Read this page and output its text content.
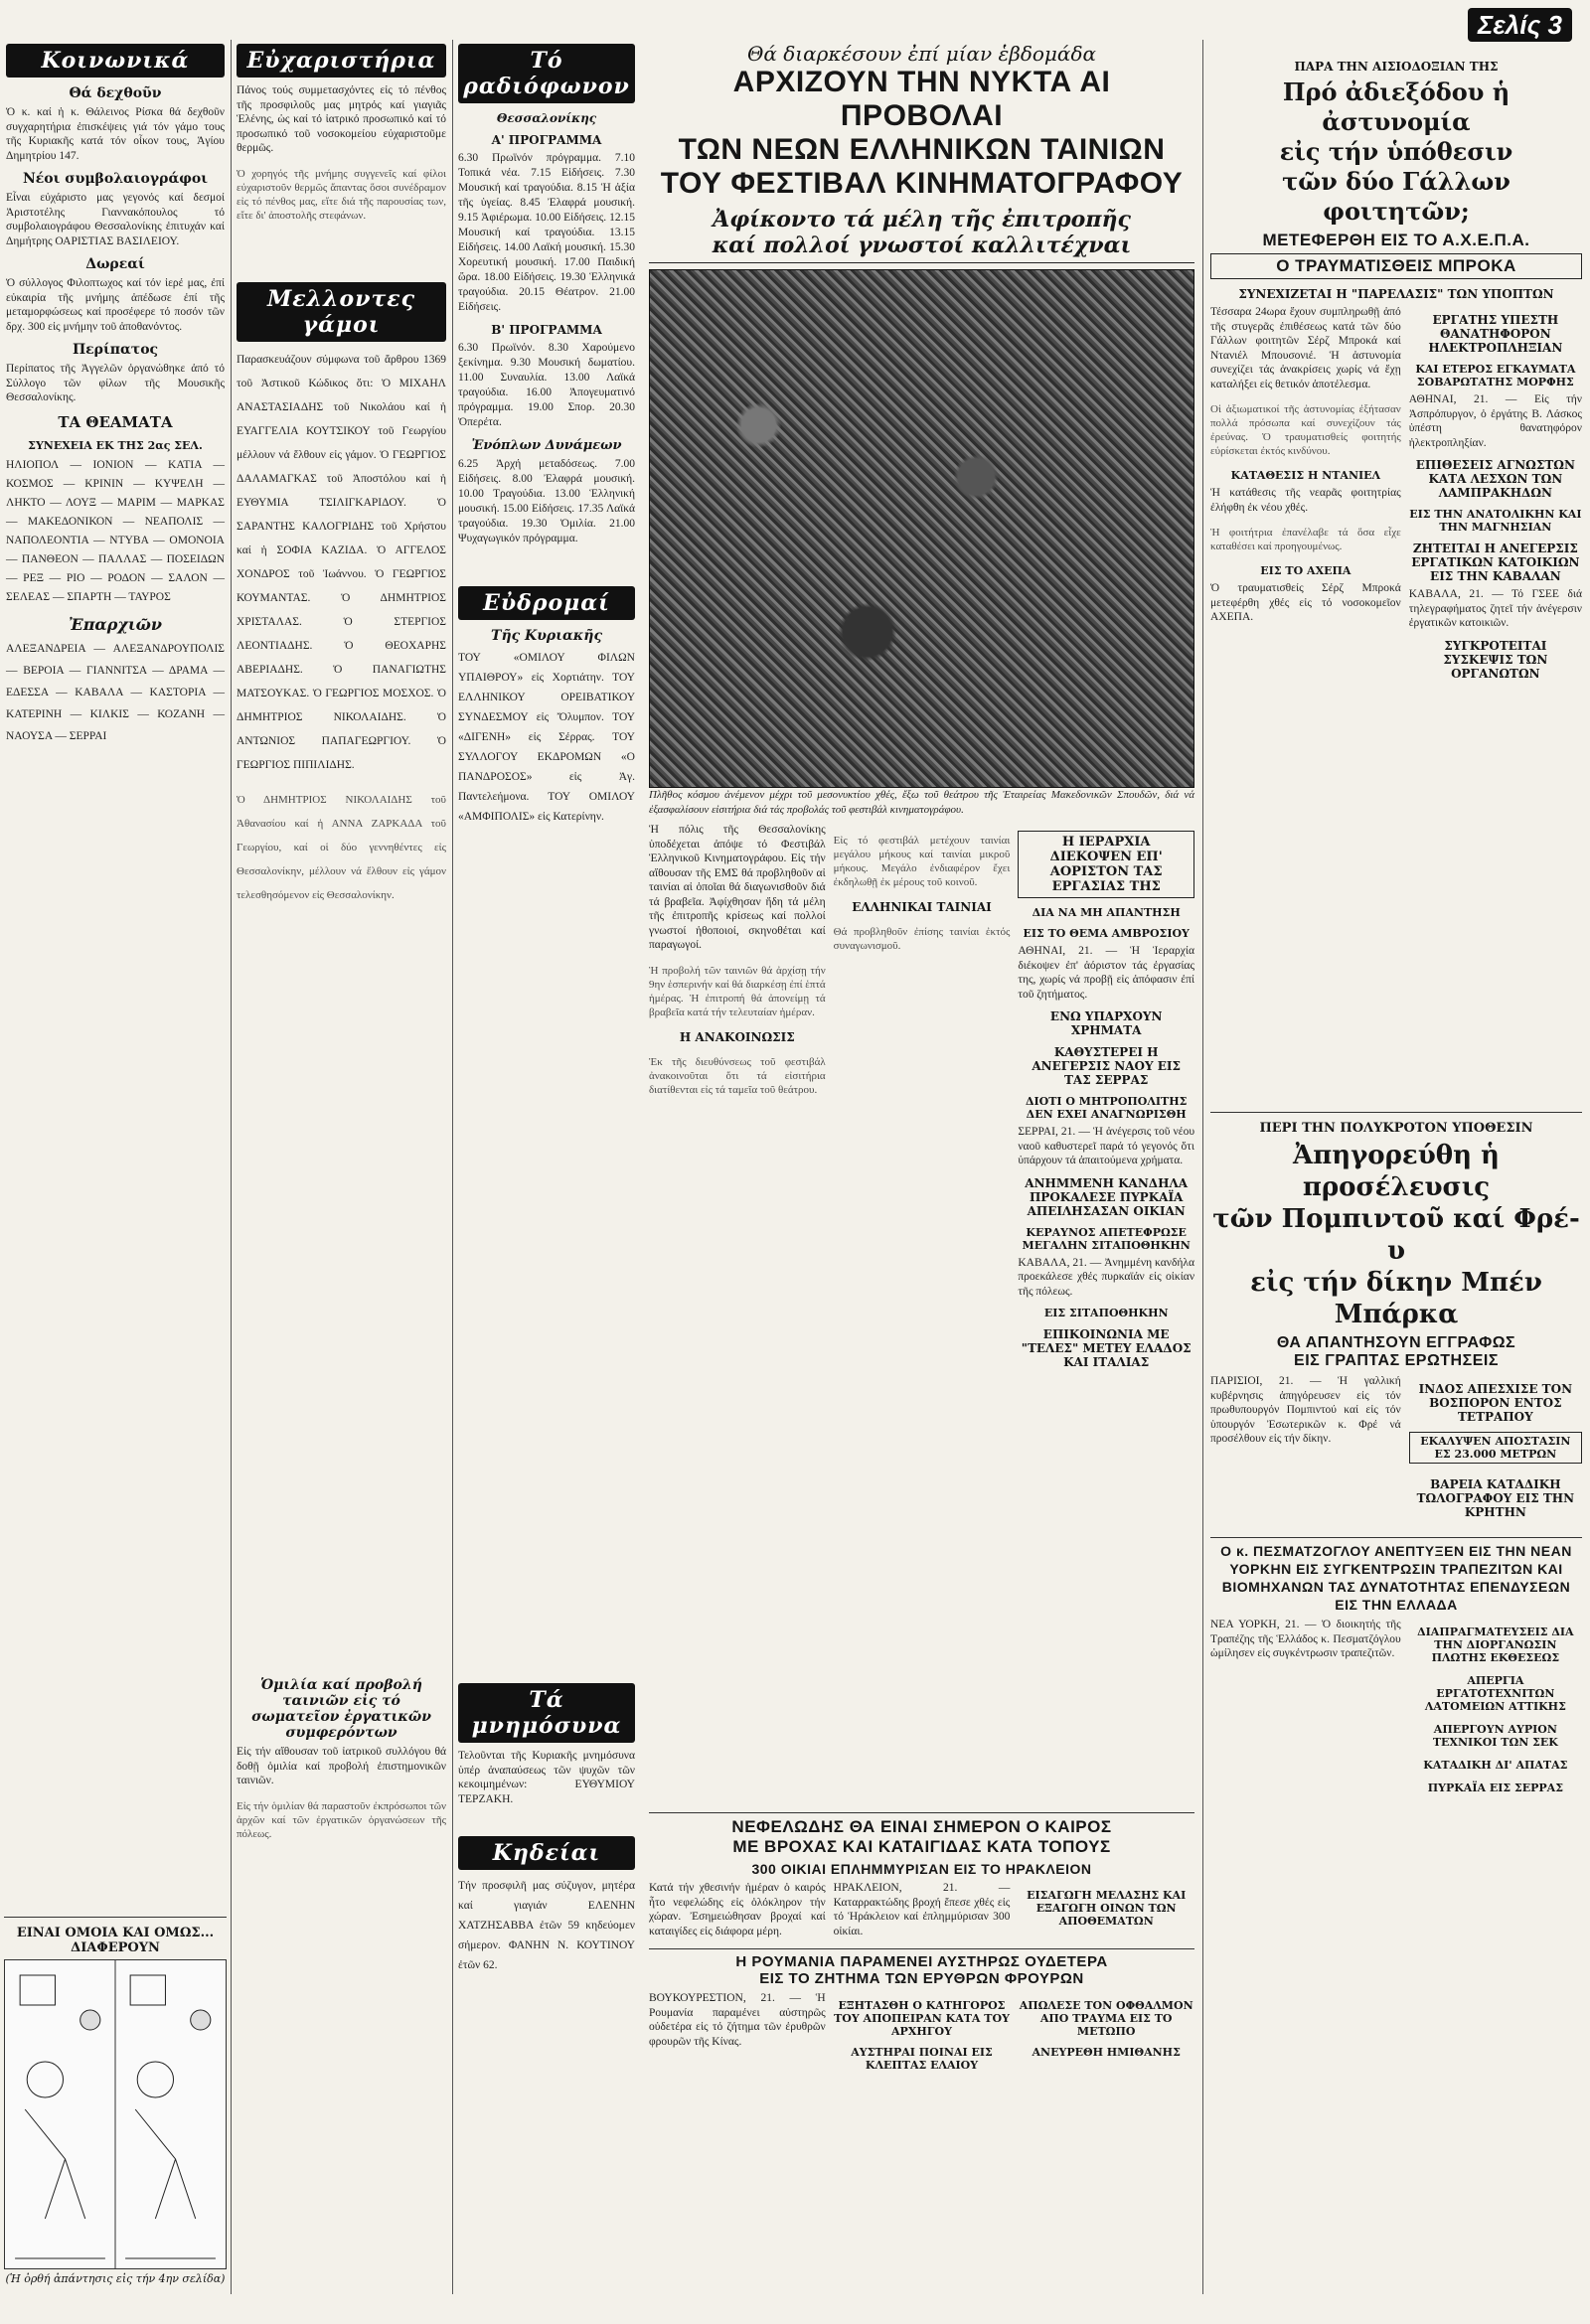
Σελίς 3
Κοινωνικά
Θά δεχθοῦν

Ὁ κ. καί ἡ κ. Θάλεινος Ρίσκα θά δεχθοῦν συγχαρητήρια ἐπισκέψεις γιά τόν γάμο τους τῆς Κυριακῆς κατά τόν οἶκον τους, Ἁγίου Δημητρίου 147.

Νέοι συμβολαιογράφοι

Εἶναι εὐχάριστο μας γεγονός καί δεσμοί Ἀριστοτέλης Γιαννακόπουλος τό συμβολαιογράφου Θεσσαλονίκης ἐπιτυχάν καί Δημήτρης ΟΑΡΙΣΤΙΑΣ ΒΑΣΙΛΕΙΟΥ.

Δωρεαί

Ὁ σύλλογος Φιλοπτωχος καί τόν ἱερέ μας, ἐπί εὐκαιρία τῆς μνήμης ἀπέδωσε ἐπί τῆς μεταμορφώσεως καί προσέφερε τό ποσόν τῶν δρχ. 300 εἰς μνήμην τοῦ ἀποθανόντος.

Περίπατος

Περίπατος τῆς Ἀγγελῶν ὀργανώθηκε ἀπό τό Σύλλογο τῶν φίλων τῆς Μουσικῆς Θεσσαλονίκης.

ΤΑ ΘΕΑΜΑΤΑ
ΣΥΝΕΧΕΙΑ ΕΚ ΤΗΣ 2ας ΣΕΛ.

ΗΛΙΟΠΟΛ — ΙΟΝΙΟΝ — ΚΑΤΙΑ — ΚΟΣΜΟΣ — ΚΡΙΝΙΝ — ΚΥΨΕΛΗ — ΛΗΚΤΟ — ΛΟΥΞ — ΜΑΡΙΜ — ΜΑΡΚΑΣ — ΜΑΚΕΔΟΝΙΚΟΝ — ΝΕΑΠΟΛΙΣ — ΝΑΠΟΛΕΟΝΤΙΑ — ΝΤΥΒΑ — ΟΜΟΝΟΙΑ — ΠΑΝΘΕΟΝ — ΠΑΛΛΑΣ — ΠΟΣΕΙΔΩΝ — ΡΕΞ — ΡΙΟ — ΡΟΔΟΝ — ΣΑΛΟΝ — ΣΕΛΕΑΣ — ΣΠΑΡΤΗ — ΤΑΥΡΟΣ

Ἐπαρχιῶν

ΑΛΕΞΑΝΔΡΕΙΑ — ΑΛΕΞΑΝΔΡΟΥΠΟΛΙΣ — ΒΕΡΟΙΑ — ΓΙΑΝΝΙΤΣΑ — ΔΡΑΜΑ — ΕΔΕΣΣΑ — ΚΑΒΑΛΑ — ΚΑΣΤΟΡΙΑ — ΚΑΤΕΡΙΝΗ — ΚΙΛΚΙΣ — ΚΟΖΑΝΗ — ΝΑΟΥΣΑ — ΣΕΡΡΑΙ

ΕΙΝΑΙ ΟΜΟΙΑ ΚΑΙ ΟΜΩΣ... ΔΙΑΦΕΡΟΥΝ
(Ἡ ὀρθή ἀπάντησις εἰς τήν 4ην σελίδα)
Εὐχαριστήρια

Πάνος τούς συμμετασχόντες εἰς τό πένθος τῆς προσφιλοῦς μας μητρός καί γιαγιᾶς Ἑλένης, ὡς καί τό ἱατρικό προσωπικό καί τό προσωπικό τοῦ νοσοκομείου εὐχαριστοῦμε θερμῶς.

Ὁ χορηγός τῆς μνήμης συγγενεῖς καί φίλοι εὐχαριστοῦν θερμῶς ἅπαντας ὅσοι συνέδραμον εἰς τό πένθος μας, εἴτε διά τῆς παρουσίας των, εἴτε δι' ἀποστολῆς στεφάνων.

Μελλοντες γάμοι

Παρασκευάζουν σύμφωνα τοῦ ἄρθρου 1369 τοῦ Ἀστικοῦ Κώδικος ὅτι: Ὁ ΜΙΧΑΗΛ ΑΝΑΣΤΑΣΙΑΔΗΣ τοῦ Νικολάου καί ἡ ΕΥΑΓΓΕΛΙΑ ΚΟΥΤΣΙΚΟΥ τοῦ Γεωργίου μέλλουν νά ἔλθουν εἰς γάμον. Ὁ ΓΕΩΡΓΙΟΣ ΔΑΛΑΜΑΓΚΑΣ τοῦ Ἀποστόλου καί ἡ ΕΥΘΥΜΙΑ ΤΣΙΛΙΓΚΑΡΙΔΟΥ. Ὁ ΣΑΡΑΝΤΗΣ ΚΑΛΟΓΡΙΔΗΣ τοῦ Χρήστου καί ἡ ΣΟΦΙΑ ΚΑΖΙΔΑ. Ὁ ΑΓΓΕΛΟΣ ΧΟΝΔΡΟΣ τοῦ Ἰωάννου. Ὁ ΓΕΩΡΓΙΟΣ ΚΟΥΜΑΝΤΑΣ. Ὁ ΔΗΜΗΤΡΙΟΣ ΧΡΙΣΤΑΛΑΣ. Ὁ ΣΤΕΡΓΙΟΣ ΛΕΟΝΤΙΑΔΗΣ. Ὁ ΘΕΟΧΑΡΗΣ ΑΒΕΡΙΑΔΗΣ. Ὁ ΠΑΝΑΓΙΩΤΗΣ ΜΑΤΣΟΥΚΑΣ. Ὁ ΓΕΩΡΓΙΟΣ ΜΟΣΧΟΣ. Ὁ ΔΗΜΗΤΡΙΟΣ ΝΙΚΟΛΑΙΔΗΣ. Ὁ ΑΝΤΩΝΙΟΣ ΠΑΠΑΓΕΩΡΓΙΟΥ. Ὁ ΓΕΩΡΓΙΟΣ ΠΙΠΙΛΙΔΗΣ.

Ὁ ΔΗΜΗΤΡΙΟΣ ΝΙΚΟΛΑΙΔΗΣ τοῦ Ἀθανασίου καί ἡ ΑΝΝΑ ΖΑΡΚΑΔΑ τοῦ Γεωργίου, καί οἱ δύο γεννηθέντες εἰς Θεσσαλονίκην, μέλλουν νά ἔλθουν εἰς γάμον τελεσθησόμενον εἰς Θεσσαλονίκην.

Ὁμιλία καί προβολή ταινιῶν εἰς τό σωματεῖον ἐργατικῶν συμφερόντων

Εἰς τήν αἴθουσαν τοῦ ἰατρικοῦ συλλόγου θά δοθῇ ὁμιλία καί προβολή ἐπιστημονικῶν ταινιῶν.

Εἰς τήν ὁμιλίαν θά παραστοῦν ἐκπρόσωποι τῶν ἀρχῶν καί τῶν ἐργατικῶν ὀργανώσεων τῆς πόλεως.

Τό ραδιόφωνον
Θεσσαλονίκης
Α' ΠΡΟΓΡΑΜΜΑ

6.30 Πρωϊνόν πρόγραμμα. 7.10 Τοπικά νέα. 7.15 Εἰδήσεις. 7.30 Μουσική καί τραγούδια. 8.15 Ἡ ἀξία τῆς ὑγείας. 8.45 Ἐλαφρά μουσική. 9.15 Ἀφιέρωμα. 10.00 Εἰδήσεις. 12.15 Μουσική καί τραγούδια. 13.15 Εἰδήσεις. 14.00 Λαϊκή μουσική. 15.30 Χορευτική μουσική. 17.00 Παιδική ὥρα. 18.00 Εἰδήσεις. 19.30 Ἑλληνικά τραγούδια. 20.15 Θέατρον. 21.00 Εἰδήσεις.

Β' ΠΡΟΓΡΑΜΜΑ

6.30 Πρωϊνόν. 8.30 Χαρούμενο ξεκίνημα. 9.30 Μουσική δωματίου. 11.00 Συναυλία. 13.00 Λαϊκά τραγούδια. 16.00 Ἀπογευματινό πρόγραμμα. 19.00 Σπορ. 20.30 Ὀπερέτα.

Ἐνόπλων Δυνάμεων

6.25 Ἀρχή μεταδόσεως. 7.00 Εἰδήσεις. 8.00 Ἐλαφρά μουσική. 10.00 Τραγούδια. 13.00 Ἑλληνική μουσική. 15.00 Εἰδήσεις. 17.35 Λαϊκά τραγούδια. 19.30 Ὁμιλία. 21.00 Ψυχαγωγικόν πρόγραμμα.

Εὐδρομαί
Τῆς Κυριακῆς

ΤΟΥ «ΟΜΙΛΟΥ ΦΙΛΩΝ ΥΠΑΙΘΡΟΥ» εἰς Χορτιάτην. ΤΟΥ ΕΛΛΗΝΙΚΟΥ ΟΡΕΙΒΑΤΙΚΟΥ ΣΥΝΔΕΣΜΟΥ εἰς Ὄλυμπον. ΤΟΥ «ΔΙΓΕΝΗ» εἰς Σέρρας. ΤΟΥ ΣΥΛΛΟΓΟΥ ΕΚΔΡΟΜΩΝ «Ο ΠΑΝΔΡΟΣΟΣ» εἰς Ἀγ. Παντελεήμονα. ΤΟΥ ΟΜΙΛΟΥ «ΑΜΦΙΠΟΛΙΣ» εἰς Κατερίνην.

Τά μνημόσυνα

Τελοῦνται τῆς Κυριακῆς μνημόσυνα ὑπέρ ἀναπαύσεως τῶν ψυχῶν τῶν κεκοιμημένων: ΕΥΘΥΜΙΟΥ ΤΕΡΖΑΚΗ.

Κηδείαι

Τήν προσφιλῆ μας σύζυγον, μητέρα καί γιαγιάν ΕΛΕΝΗΝ ΧΑΤΖΗΣΑΒΒΑ ἐτῶν 59 κηδεύομεν σήμερον. ΦΑΝΗΝ Ν. ΚΟΥΤΙΝΟΥ ἐτῶν 62.

Θά διαρκέσουν ἐπί μίαν ἑβδομάδα
ΑΡΧΙΖΟΥΝ ΤΗΝ ΝΥΚΤΑ ΑΙ ΠΡΟΒΟΛΑΙ
ΤΩΝ ΝΕΩΝ ΕΛΛΗΝΙΚΩΝ ΤΑΙΝΙΩΝ
ΤΟΥ ΦΕΣΤΙΒΑΛ ΚΙΝΗΜΑΤΟΓΡΑΦΟΥ
Ἀφίκοντο τά μέλη τῆς ἐπιτροπῆς
καί πολλοί γνωστοί καλλιτέχναι

Πλῆθος κόσμου ἀνέμενον μέχρι τοῦ μεσονυκτίου χθές, ἔξω τοῦ θεάτρου τῆς Ἑταιρείας Μακεδονικῶν Σπουδῶν, διά νά ἐξασφαλίσουν εἰσιτήρια διά τάς προβολάς τοῦ φεστιβάλ κινηματογράφου.

Ἡ πόλις τῆς Θεσσαλονίκης ὑποδέχεται ἀπόψε τό Φεστιβάλ Ἑλληνικοῦ Κινηματογράφου. Εἰς τήν αἴθουσαν τῆς ΕΜΣ θά προβληθοῦν αἱ ταινίαι αἱ ὁποῖαι θά διαγωνισθοῦν διά τά βραβεῖα. Ἀφίχθησαν ἤδη τά μέλη τῆς ἐπιτροπῆς κρίσεως καί πολλοί γνωστοί ἠθοποιοί, σκηνοθέται καί παραγωγοί.

Ἡ προβολή τῶν ταινιῶν θά ἀρχίσῃ τήν 9ην ἑσπερινήν καί θά διαρκέσῃ ἐπί ἑπτά ἡμέρας. Ἡ ἐπιτροπή θά ἀπονείμῃ τά βραβεῖα κατά τήν τελευταίαν ἡμέραν.

Η ΑΝΑΚΟΙΝΩΣΙΣ

Ἐκ τῆς διευθύνσεως τοῦ φεστιβάλ ἀνακοινοῦται ὅτι τά εἰσιτήρια διατίθενται εἰς τά ταμεῖα τοῦ θεάτρου.

Εἰς τό φεστιβάλ μετέχουν ταινίαι μεγάλου μήκους καί ταινίαι μικροῦ μήκους. Μεγάλο ἐνδιαφέρον ἔχει ἐκδηλωθῇ ἐκ μέρους τοῦ κοινοῦ.

ΕΛΛΗΝΙΚΑΙ ΤΑΙΝΙΑΙ

Θά προβληθοῦν ἐπίσης ταινίαι ἐκτός συναγωνισμοῦ.

Η ΙΕΡΑΡΧΙΑ ΔΙΕΚΟΨΕΝ ΕΠ' ΑΟΡΙΣΤΟΝ ΤΑΣ ΕΡΓΑΣΙΑΣ ΤΗΣ
ΔΙΑ ΝΑ ΜΗ ΑΠΑΝΤΗΣΗ
ΕΙΣ ΤΟ ΘΕΜΑ ΑΜΒΡΟΣΙΟΥ

ΑΘΗΝΑΙ, 21. — Ἡ Ἱεραρχία διέκοψεν ἐπ' ἀόριστον τάς ἐργασίας της, χωρίς νά προβῇ εἰς ἀπόφασιν ἐπί τοῦ ζητήματος.

ΕΝΩ ΥΠΑΡΧΟΥΝ ΧΡΗΜΑΤΑ
ΚΑΘΥΣΤΕΡΕΙ Η ΑΝΕΓΕΡΣΙΣ ΝΑΟΥ ΕΙΣ ΤΑΣ ΣΕΡΡΑΣ
ΔΙΟΤΙ Ο ΜΗΤΡΟΠΟΛΙΤΗΣ ΔΕΝ ΕΧΕΙ ΑΝΑΓΝΩΡΙΣΘΗ

ΣΕΡΡΑΙ, 21. — Ἡ ἀνέγερσις τοῦ νέου ναοῦ καθυστερεῖ παρά τό γεγονός ὅτι ὑπάρχουν τά ἀπαιτούμενα χρήματα.

ΑΝΗΜΜΕΝΗ ΚΑΝΔΗΛΑ ΠΡΟΚΑΛΕΣΕ ΠΥΡΚΑΪΑ ΑΠΕΙΛΗΣΑΣΑΝ ΟΙΚΙΑΝ
ΚΕΡΑΥΝΟΣ ΑΠΕΤΕΦΡΩΣΕ ΜΕΓΑΛΗΝ ΣΙΤΑΠΟΘΗΚΗΝ

ΚΑΒΑΛΑ, 21. — Ἀνημμένη κανδήλα προεκάλεσε χθές πυρκαϊάν εἰς οἰκίαν τῆς πόλεως.

ΕΙΣ ΣΙΤΑΠΟΘΗΚΗΝ
ΕΠΙΚΟΙΝΩΝΙΑ ΜΕ "ΤΕΛΕΣ" ΜΕΤΕΥ ΕΛΑΔΟΣ ΚΑΙ ΙΤΑΛΙΑΣ
ΝΕΦΕΛΩΔΗΣ ΘΑ ΕΙΝΑΙ ΣΗΜΕΡΟΝ Ο ΚΑΙΡΟΣ
ΜΕ ΒΡΟΧΑΣ ΚΑΙ ΚΑΤΑΙΓΙΔΑΣ ΚΑΤΑ ΤΟΠΟΥΣ
300 ΟΙΚΙΑΙ ΕΠΛΗΜΜΥΡΙΣΑΝ ΕΙΣ ΤΟ ΗΡΑΚΛΕΙΟΝ

Κατά τήν χθεσινήν ἡμέραν ὁ καιρός ἦτο νεφελώδης εἰς ὁλόκληρον τήν χώραν. Ἐσημειώθησαν βροχαί καί καταιγίδες εἰς διάφορα μέρη.

ΗΡΑΚΛΕΙΟΝ, 21. — Καταρρακτώδης βροχή ἔπεσε χθές εἰς τό Ἡράκλειον καί ἐπλημμύρισαν 300 οἰκίαι.

ΕΙΣΑΓΩΓΗ ΜΕΛΑΣΗΣ ΚΑΙ ΕΞΑΓΩΓΗ ΟΙΝΩΝ ΤΩΝ ΑΠΟΘΕΜΑΤΩΝ
Η ΡΟΥΜΑΝΙΑ ΠΑΡΑΜΕΝΕΙ ΑΥΣΤΗΡΩΣ ΟΥΔΕΤΕΡΑ
ΕΙΣ ΤΟ ΖΗΤΗΜΑ ΤΩΝ ΕΡΥΘΡΩΝ ΦΡΟΥΡΩΝ

ΒΟΥΚΟΥΡΕΣΤΙΟΝ, 21. — Ἡ Ρουμανία παραμένει αὐστηρῶς οὐδετέρα εἰς τό ζήτημα τῶν ἐρυθρῶν φρουρῶν τῆς Κίνας.

ΕΞΗΤΑΣΘΗ Ο ΚΑΤΗΓΟΡΟΣ ΤΟΥ ΑΠΟΠΕΙΡΑΝ ΚΑΤΑ ΤΟΥ ΑΡΧΗΓΟΥ
ΑΥΣΤΗΡΑΙ ΠΟΙΝΑΙ ΕΙΣ ΚΛΕΠΤΑΣ ΕΛΑΙΟΥ
ΑΠΩΛΕΣΕ ΤΟΝ ΟΦΘΑΛΜΟΝ ΑΠΟ ΤΡΑΥΜΑ ΕΙΣ ΤΟ ΜΕΤΩΠΟ
ΑΝΕΥΡΕΘΗ ΗΜΙΘΑΝΗΣ
ΠΑΡΑ ΤΗΝ ΑΙΣΙΟΔΟΞΙΑΝ ΤΗΣ
Πρό ἀδιεξόδου ἡ ἀστυνομία
εἰς τήν ὑπόθεσιν
τῶν δύο Γάλλων φοιτητῶν;
ΜΕΤΕΦΕΡΘΗ ΕΙΣ ΤΟ Α.Χ.Ε.Π.Α.
Ο ΤΡΑΥΜΑΤΙΣΘΕΙΣ ΜΠΡΟΚΑ
ΣΥΝΕΧΙΖΕΤΑΙ Η "ΠΑΡΕΛΑΣΙΣ" ΤΩΝ ΥΠΟΠΤΩΝ

Τέσσαρα 24ωρα ἔχουν συμπληρωθῇ ἀπό τῆς στυγερᾶς ἐπιθέσεως κατά τῶν δύο Γάλλων φοιτητῶν Σέρζ Μπροκά καί Ντανιέλ Μπουσονιέ. Ἡ ἀστυνομία συνεχίζει τάς ἀνακρίσεις χωρίς νά ἔχῃ καταλήξει εἰς θετικόν ἀποτέλεσμα.

Οἱ ἀξιωματικοί τῆς ἀστυνομίας ἐξήτασαν πολλά πρόσωπα καί συνεχίζουν τάς ἐρεύνας. Ὁ τραυματισθείς φοιτητής εὑρίσκεται ἐκτός κινδύνου.

ΚΑΤΑΘΕΣΙΣ Η ΝΤΑΝΙΕΛ

Ἡ κατάθεσις τῆς νεαρᾶς φοιτητρίας ἐλήφθη ἐκ νέου χθές.

Ἡ φοιτήτρια ἐπανέλαβε τά ὅσα εἶχε καταθέσει καί προηγουμένως.

ΕΙΣ ΤΟ ΑΧΕΠΑ

Ὁ τραυματισθείς Σέρζ Μπροκά μετεφέρθη χθές εἰς τό νοσοκομεῖον ΑΧΕΠΑ.

ΕΡΓΑΤΗΣ ΥΠΕΣΤΗ ΘΑΝΑΤΗΦΟΡΟΝ ΗΛΕΚΤΡΟΠΛΗΞΙΑΝ
ΚΑΙ ΕΤΕΡΟΣ ΕΓΚΑΥΜΑΤΑ ΣΟΒΑΡΩΤΑΤΗΣ ΜΟΡΦΗΣ

ΑΘΗΝΑΙ, 21. — Εἰς τήν Ἀσπρόπυργον, ὁ ἐργάτης Β. Λάσκος ὑπέστη θανατηφόρον ἠλεκτροπληξίαν.

ΕΠΙΘΕΣΕΙΣ ΑΓΝΩΣΤΩΝ ΚΑΤΑ ΛΕΣΧΩΝ ΤΩΝ ΛΑΜΠΡΑΚΗΔΩΝ
ΕΙΣ ΤΗΝ ΑΝΑΤΟΛΙΚΗΝ ΚΑΙ ΤΗΝ ΜΑΓΝΗΣΙΑΝ
ΖΗΤΕΙΤΑΙ Η ΑΝΕΓΕΡΣΙΣ ΕΡΓΑΤΙΚΩΝ ΚΑΤΟΙΚΙΩΝ ΕΙΣ ΤΗΝ ΚΑΒΑΛΑΝ

ΚΑΒΑΛΑ, 21. — Τό ΓΣΕΕ διά τηλεγραφήματος ζητεῖ τήν ἀνέγερσιν ἐργατικῶν κατοικιῶν.

ΣΥΓΚΡΟΤΕΙΤΑΙ ΣΥΣΚΕΨΙΣ ΤΩΝ ΟΡΓΑΝΩΤΩΝ
ΠΕΡΙ ΤΗΝ ΠΟΛΥΚΡΟΤΟΝ ΥΠΟΘΕΣΙΝ
Ἀπηγορεύθη ἡ προσέλευσις
τῶν Πομπιντοῦ καί Φρέ-υ
εἰς τήν δίκην Μπέν Μπάρκα
ΘΑ ΑΠΑΝΤΗΣΟΥΝ ΕΓΓΡΑΦΩΣ
ΕΙΣ ΓΡΑΠΤΑΣ ΕΡΩΤΗΣΕΙΣ

ΠΑΡΙΣΙΟΙ, 21. — Ἡ γαλλική κυβέρνησις ἀπηγόρευσεν εἰς τόν πρωθυπουργόν Πομπιντού καί εἰς τόν ὑπουργόν Ἐσωτερικῶν κ. Φρέ νά προσέλθουν εἰς τήν δίκην.

ΙΝΔΟΣ ΑΠΕΣΧΙΣΕ ΤΟΝ ΒΟΣΠΟΡΟΝ ΕΝΤΟΣ ΤΕΤΡΑΠΟΥ
ΕΚΑΛΥΨΕΝ ΑΠΟΣΤΑΣΙΝ ΕΣ 23.000 ΜΕΤΡΩΝ
ΒΑΡΕΙΑ ΚΑΤΑΔΙΚΗ ΤΩΛΟΓΡΑΦΟΥ ΕΙΣ ΤΗΝ ΚΡΗΤΗΝ
Ο κ. ΠΕΣΜΑΤΖΟΓΛΟΥ ΑΝΕΠΤΥΞΕΝ ΕΙΣ ΤΗΝ ΝΕΑΝ ΥΟΡΚΗΝ ΕΙΣ ΣΥΓΚΕΝΤΡΩΣΙΝ ΤΡΑΠΕΖΙΤΩΝ ΚΑΙ ΒΙΟΜΗΧΑΝΩΝ ΤΑΣ ΔΥΝΑΤΟΤΗΤΑΣ ΕΠΕΝΔΥΣΕΩΝ ΕΙΣ ΤΗΝ ΕΛΛΑΔΑ

ΝΕΑ ΥΟΡΚΗ, 21. — Ὁ διοικητής τῆς Τραπέζης τῆς Ἑλλάδος κ. Πεσματζόγλου ὡμίλησεν εἰς συγκέντρωσιν τραπεζιτῶν.

ΔΙΑΠΡΑΓΜΑΤΕΥΣΕΙΣ ΔΙΑ ΤΗΝ ΔΙΟΡΓΑΝΩΣΙΝ ΠΛΩΤΗΣ ΕΚΘΕΣΕΩΣ
ΑΠΕΡΓΙΑ ΕΡΓΑΤΟΤΕΧΝΙΤΩΝ ΛΑΤΟΜΕΙΩΝ ΑΤΤΙΚΗΣ
ΑΠΕΡΓΟΥΝ ΑΥΡΙΟΝ ΤΕΧΝΙΚΟΙ ΤΩΝ ΣΕΚ
ΚΑΤΑΔΙΚΗ ΔΙ' ΑΠΑΤΑΣ
ΠΥΡΚΑΪΑ ΕΙΣ ΣΕΡΡΑΣ
